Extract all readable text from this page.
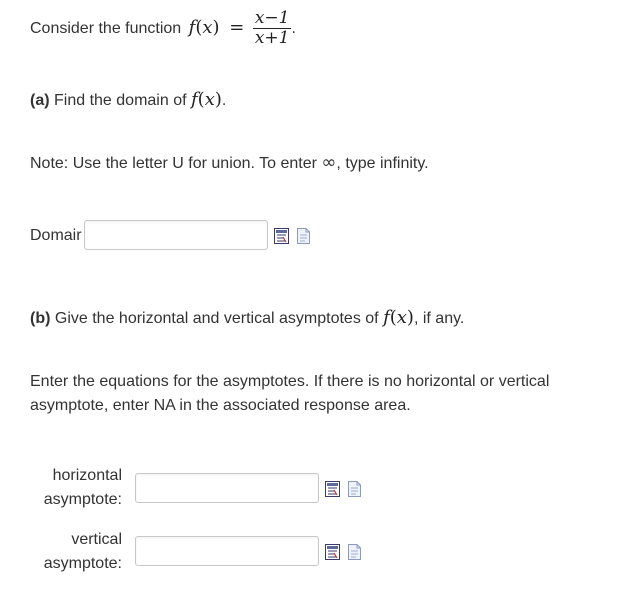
Consider the function $f(x) = \frac{x-1}{x+1}$ .
(a) Find the domain of f(x).
Note: Use the letter U for union. To enter ∞, type infinity.
Domair
(b) Give the horizontal and vertical asymptotes of f(x), if any.
Enter the equations for the asymptotes. If there is no horizontal or vertical asymptote, enter NA in the associated response area.
horizontal
asymptote:
vertical
asymptote:
